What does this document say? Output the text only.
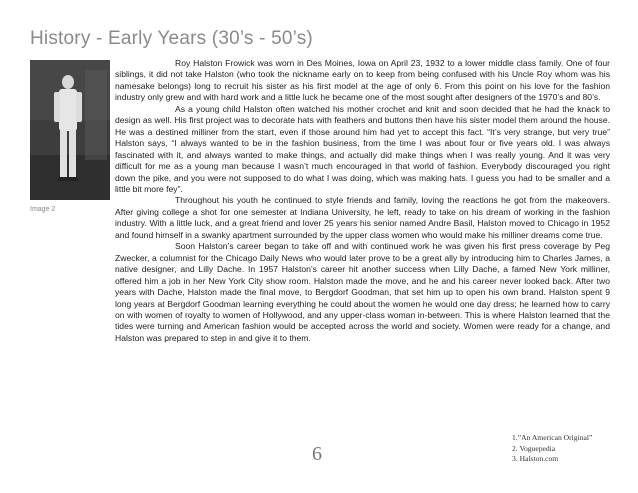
History - Early Years (30’s - 50’s)
Image 2

Roy Halston Frowick was worn in Des Moines, Iowa on April 23, 1932 to a lower middle class family. One of four siblings, it did not take Halston (who took the nickname early on to keep from being confused with his Uncle Roy whom was his namesake belongs) long to recruit his sister as his first model at the age of only 6. From this point on his love for the fashion industry only grew and with hard work and a little luck he became one of the most sought after designers of the 1970’s and 80’s.

As a young child Halston often watched his mother crochet and knit and soon decided that he had the knack to design as well. His first project was to decorate hats with feathers and buttons then have his sister model them around the house. He was a destined milliner from the start, even if those around him had yet to accept this fact. “It’s very strange, but very true” Halston says, “I always wanted to be in the fashion business, from the time I was about four or five years old. I was always fascinated with it, and always wanted to make things, and actually did make things when I was really young. And it was very difficult for me as a young man because I wasn’t much encouraged in that world of fashion. Everybody discouraged you right down the pike, and you were not supposed to do what I was doing, which was making hats. I guess you had to be smaller and a little bit more fey”.

Throughout his youth he continued to style friends and family, loving the reactions he got from the makeovers. After giving college a shot for one semester at Indiana University, he left, ready to take on his dream of working in the fashion industry. With a little luck, and a great friend and lover 25 years his senior named Andre Basil, Halston moved to Chicago in 1952 and found himself in a swanky apartment surrounded by the upper class women who would make his milliner dreams come true.

Soon Halston’s career began to take off and with continued work he was given his first press coverage by Peg Zwecker, a columnist for the Chicago Daily News who would later prove to be a great ally by introducing him to Charles James, a native designer, and Lilly Dache. In 1957 Halston’s career hit another success when Lilly Dache, a famed New York milliner, offered him a job in her New York City show room. Halston made the move, and he and his career never looked back. After two years with Dache, Halston made the final move, to Bergdorf Goodman, that set him up to open his own brand. Halston spent 9 long years at Bergdorf Goodman learning everything he could about the women he would one day dress; he learned how to carry on with women of royalty to women of Hollywood, and any upper-class woman in-between. This is where Halston learned that the tides were turning and American fashion would be accepted across the world and society. Women were ready for a change, and Halston was prepared to step in and give it to them.

6
1.”An American Original”
2. Voguepedia
3. Halston.com
